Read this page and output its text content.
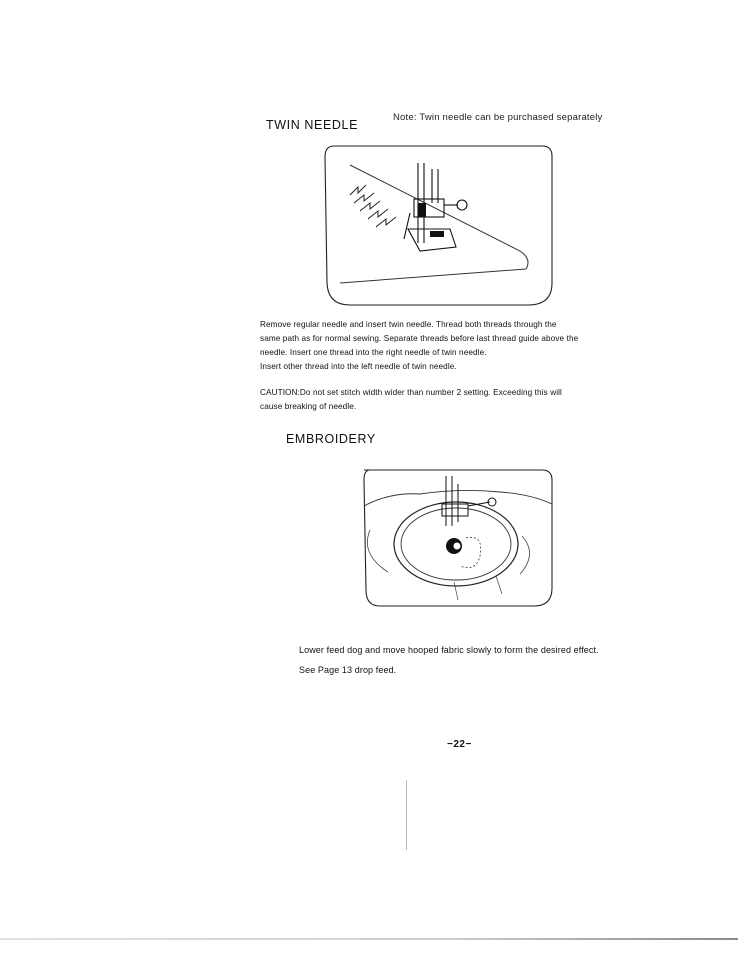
TWIN NEEDLE
Note: Twin needle can be purchased separately

Remove regular needle and insert twin needle. Thread both threads through the

same path as for normal sewing. Separate threads before last thread guide above the

needle. Insert one thread into the right needle of twin needle.

Insert other thread into the left needle of twin needle.

CAUTION:Do not set stitch width wider than number 2 setting. Exceeding this will

cause breaking of needle.

EMBROIDERY

Lower feed dog and move hooped fabric slowly to form the desired effect.

See Page 13 drop feed.

−22−
